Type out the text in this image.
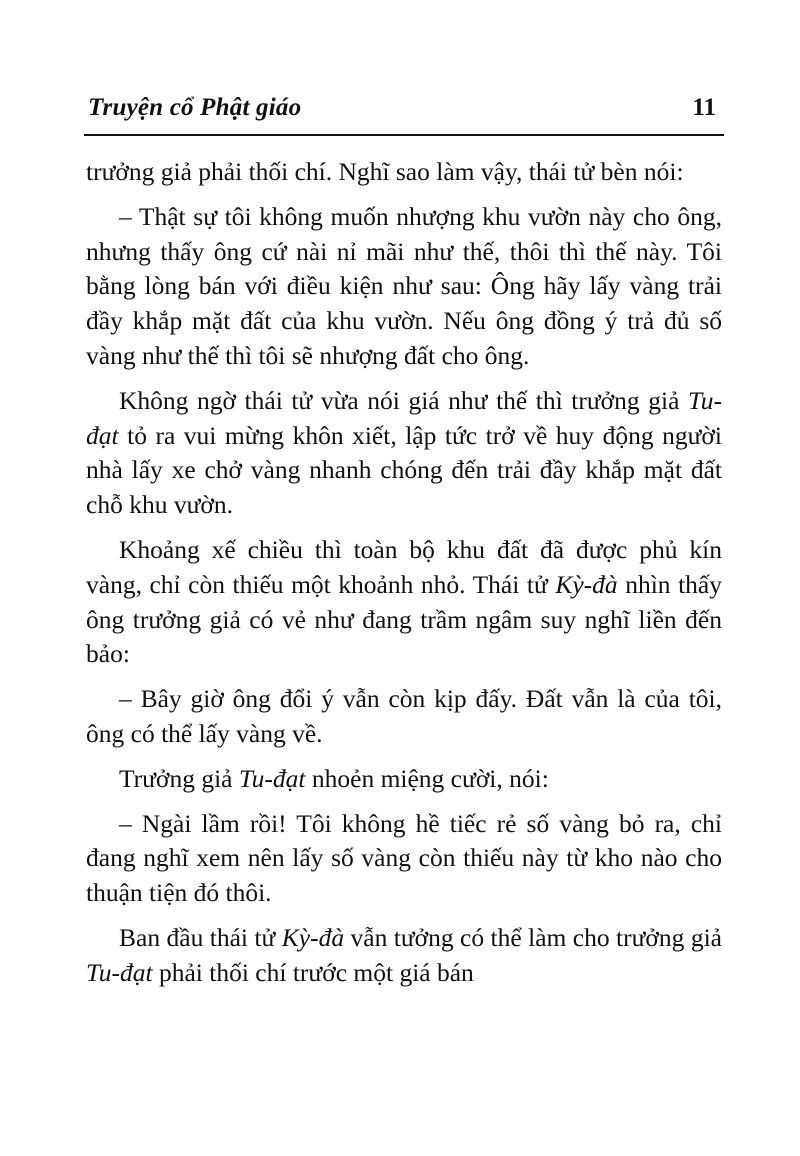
Truyện cổ Phật giáo	11

trưởng giả phải thối chí. Nghĩ sao làm vậy, thái tử bèn nói:

– Thật sự tôi không muốn nhượng khu vườn này cho ông, nhưng thấy ông cứ nài nỉ mãi như thế, thôi thì thế này. Tôi bằng lòng bán với điều kiện như sau: Ông hãy lấy vàng trải đầy khắp mặt đất của khu vườn. Nếu ông đồng ý trả đủ số vàng như thế thì tôi sẽ nhượng đất cho ông.

Không ngờ thái tử vừa nói giá như thế thì trưởng giả Tu-đạt tỏ ra vui mừng khôn xiết, lập tức trở về huy động người nhà lấy xe chở vàng nhanh chóng đến trải đầy khắp mặt đất chỗ khu vườn.

Khoảng xế chiều thì toàn bộ khu đất đã được phủ kín vàng, chỉ còn thiếu một khoảnh nhỏ. Thái tử Kỳ-đà nhìn thấy ông trưởng giả có vẻ như đang trầm ngâm suy nghĩ liền đến bảo:

– Bây giờ ông đổi ý vẫn còn kịp đấy. Đất vẫn là của tôi, ông có thể lấy vàng về.

Trưởng giả Tu-đạt nhoẻn miệng cười, nói:

– Ngài lầm rồi! Tôi không hề tiếc rẻ số vàng bỏ ra, chỉ đang nghĩ xem nên lấy số vàng còn thiếu này từ kho nào cho thuận tiện đó thôi.

Ban đầu thái tử Kỳ-đà vẫn tưởng có thể làm cho trưởng giả Tu-đạt phải thối chí trước một giá bán
